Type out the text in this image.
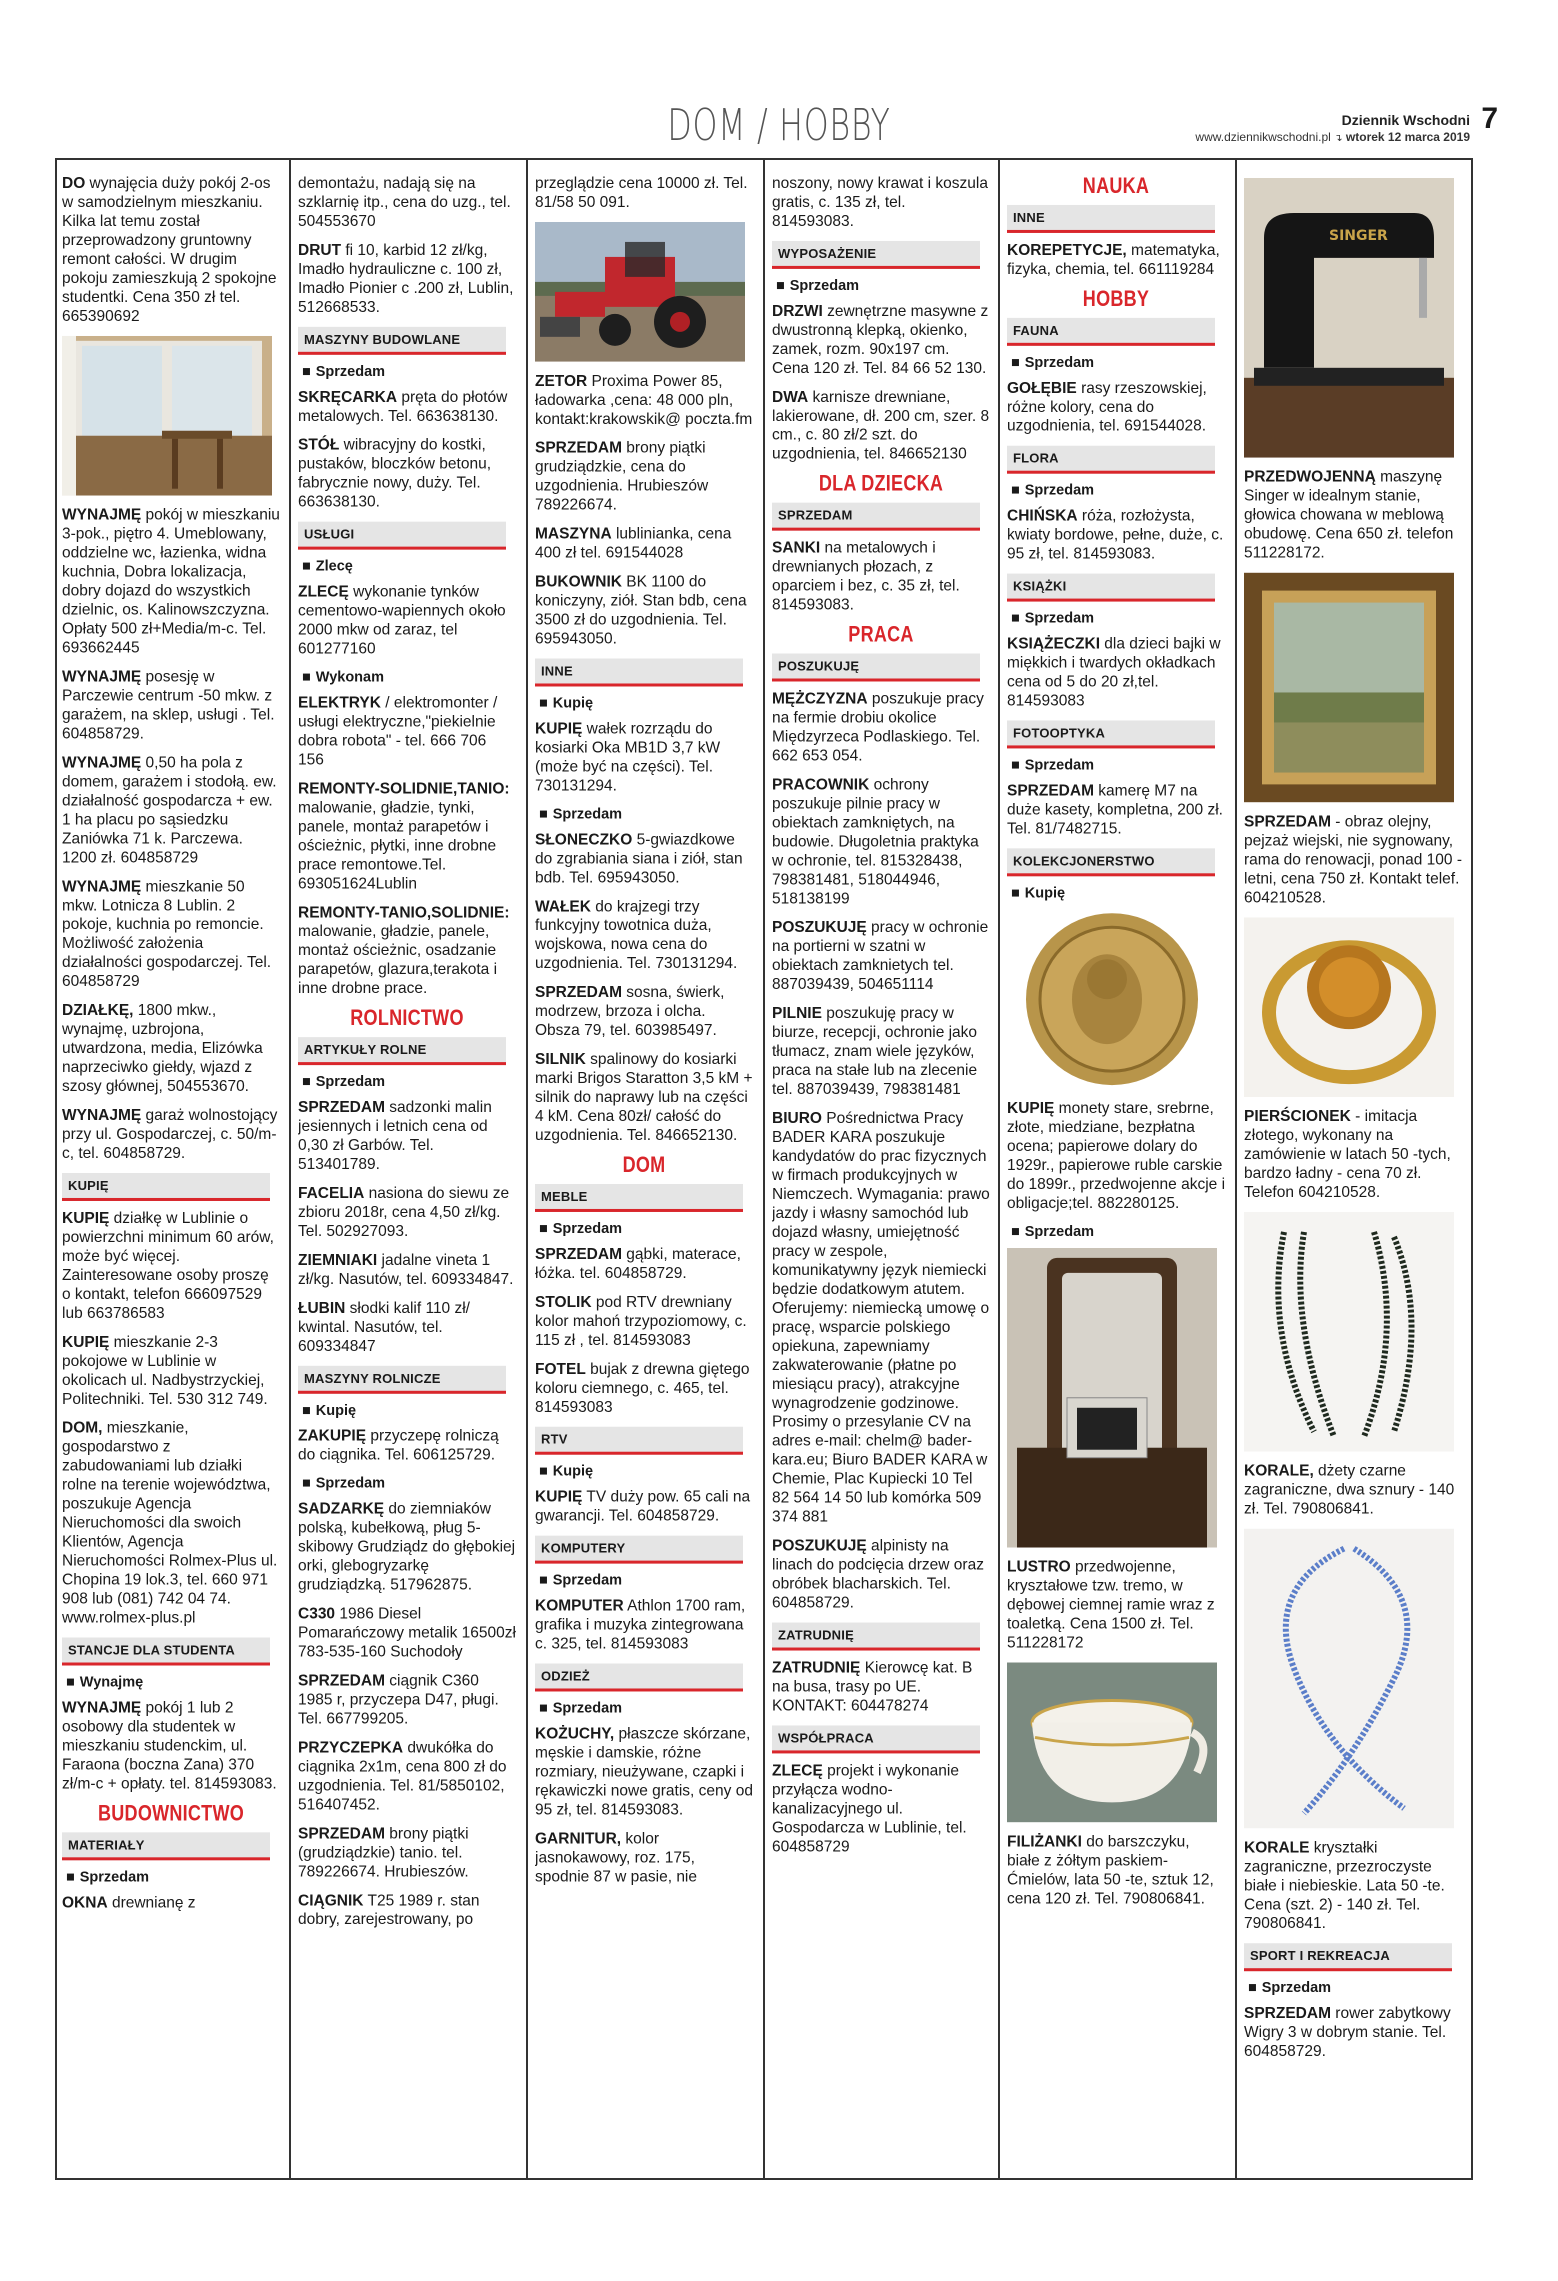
DOM / HOBBY	Dziennik Wschodni 7
www.dziennikwschodni.pl ↴ wtorek 12 marca 2019

DO wynajęcia duży pokój 2-os w samodzielnym mieszkaniu. Kilka lat temu został przeprowadzony gruntowny remont całości. W drugim pokoju zamieszkują 2 spokojne studentki. Cena 350 zł tel. 665390692

WYNAJMĘ pokój w mieszkaniu 3-pok., piętro 4. Umeblowany, oddzielne wc, łazienka, widna kuchnia, Dobra lokalizacja, dobry dojazd do wszystkich dzielnic, os. Kalinowszczyzna. Opłaty 500 zł+Media/m-c. Tel. 693662445

WYNAJMĘ posesję w Parczewie centrum -50 mkw. z garażem, na sklep, usługi . Tel. 604858729.

WYNAJMĘ 0,50 ha pola z domem, garażem i stodołą. ew. działalność gospodarcza + ew. 1 ha placu po sąsiedzku Zaniówka 71 k. Parczewa. 1200 zł. 604858729

WYNAJMĘ mieszkanie 50 mkw. Lotnicza 8 Lublin. 2 pokoje, kuchnia po remoncie. Możliwość założenia działalności gospodarczej. Tel. 604858729

DZIAŁKĘ, 1800 mkw., wynajmę, uzbrojona, utwardzona, media, Elizówka naprzeciwko giełdy, wjazd z szosy głównej, 504553670.

WYNAJMĘ garaż wolnostojący przy ul. Gospodarczej, c. 50/m-c, tel. 604858729.

KUPIĘ

KUPIĘ działkę w Lublinie o powierzchni minimum 60 arów, może być więcej. Zainteresowane osoby proszę o kontakt, telefon 666097529 lub 663786583

KUPIĘ mieszkanie 2-3 pokojowe w Lublinie w okolicach ul. Nadbystrzyckiej, Politechniki. Tel. 530 312 749.

DOM, mieszkanie, gospodarstwo z zabudowaniami lub działki rolne na terenie województwa, poszukuje Agencja Nieruchomości dla swoich Klientów, Agencja Nieruchomości Rolmex-Plus ul. Chopina 19 lok.3, tel. 660 971 908 lub (081) 742 04 74. www.rolmex-plus.pl

STANCJE DLA STUDENTA
■ Wynajmę

WYNAJMĘ pokój 1 lub 2 osobowy dla studentek w mieszkaniu studenckim, ul. Faraona (boczna Zana) 370 zł/m-c + opłaty. tel. 814593083.

BUDOWNICTWO
MATERIAŁY
■ Sprzedam

OKNA drewnianę z

demontażu, nadają się na szklarnię itp., cena do uzg., tel. 504553670

DRUT fi 10, karbid 12 zł/kg, Imadło hydrauliczne c. 100 zł, Imadło Pionier c .200 zł, Lublin, 512668533.

MASZYNY BUDOWLANE
■ Sprzedam

SKRĘCARKA pręta do płotów metalowych. Tel. 663638130.

STÓŁ wibracyjny do kostki, pustaków, bloczków betonu, fabrycznie nowy, duży. Tel. 663638130.

USŁUGI
■ Zlecę

ZLECĘ wykonanie tynków cementowo-wapiennych około 2000 mkw od zaraz, tel 601277160

■ Wykonam

ELEKTRYK / elektromonter / usługi elektryczne,"piekielnie dobra robota" - tel. 666 706 156

REMONTY-SOLIDNIE,TANIO: malowanie, gładzie, tynki, panele, montaż parapetów i ościeżnic, płytki, inne drobne prace remontowe.Tel. 693051624Lublin

REMONTY-TANIO,SOLIDNIE: malowanie, gładzie, panele, montaż ościeżnic, osadzanie parapetów, glazura,terakota i inne drobne prace.

ROLNICTWO
ARTYKUŁY ROLNE
■ Sprzedam

SPRZEDAM sadzonki malin jesiennych i letnich cena od 0,30 zł Garbów. Tel. 513401789.

FACELIA nasiona do siewu ze zbioru 2018r, cena 4,50 zł/kg. Tel. 502927093.

ZIEMNIAKI jadalne vineta 1 zł/kg. Nasutów, tel. 609334847.

ŁUBIN słodki kalif 110 zł/ kwintal. Nasutów, tel. 609334847

MASZYNY ROLNICZE
■ Kupię

ZAKUPIĘ przyczepę rolniczą do ciągnika. Tel. 606125729.

■ Sprzedam

SADZARKĘ do ziemniaków polską, kubełkową, pług 5-skibowy Grudziądz do głębokiej orki, glebogryzarkę grudziądzką. 517962875.

C330 1986 Diesel Pomarańczowy metalik 16500zł 783-535-160 Suchodoły

SPRZEDAM ciągnik C360 1985 r, przyczepa D47, pługi. Tel. 667799205.

PRZYCZEPKA dwukółka do ciągnika 2x1m, cena 800 zł do uzgodnienia. Tel. 81/5850102, 516407452.

SPRZEDAM brony piątki (grudziądzkie) tanio. tel. 789226674. Hrubieszów.

CIĄGNIK T25 1989 r. stan dobry, zarejestrowany, po

przeglądzie cena 10000 zł. Tel. 81/58 50 091.

ZETOR Proxima Power 85, ładowarka ,cena: 48 000 pln, kontakt:krakowskik@ poczta.fm

SPRZEDAM brony piątki grudziądzkie, cena do uzgodnienia. Hrubieszów 789226674.

MASZYNA lublinianka, cena 400 zł tel. 691544028

BUKOWNIK BK 1100 do koniczyny, ziół. Stan bdb, cena 3500 zł do uzgodnienia. Tel. 695943050.

INNE
■ Kupię

KUPIĘ wałek rozrządu do kosiarki Oka MB1D 3,7 kW (może być na części). Tel. 730131294.

■ Sprzedam

SŁONECZKO 5-gwiazdkowe do zgrabiania siana i ziół, stan bdb. Tel. 695943050.

WAŁEK do krajzegi trzy funkcyjny towotnica duża, wojskowa, nowa cena do uzgodnienia. Tel. 730131294.

SPRZEDAM sosna, świerk, modrzew, brzoza i olcha. Obsza 79, tel. 603985497.

SILNIK spalinowy do kosiarki marki Brigos Staratton 3,5 kM + silnik do naprawy lub na części 4 kM. Cena 80zł/ całość do uzgodnienia. Tel. 846652130.

DOM
MEBLE
■ Sprzedam

SPRZEDAM gąbki, materace, łóżka. tel. 604858729.

STOLIK pod RTV drewniany kolor mahoń trzypoziomowy, c. 115 zł , tel. 814593083

FOTEL bujak z drewna giętego koloru ciemnego, c. 465, tel. 814593083

RTV
■ Kupię

KUPIĘ TV duży pow. 65 cali na gwarancji. Tel. 604858729.

KOMPUTERY
■ Sprzedam

KOMPUTER Athlon 1700 ram, grafika i muzyka zintegrowana c. 325, tel. 814593083

ODZIEŻ
■ Sprzedam

KOŻUCHY, płaszcze skórzane, męskie i damskie, różne rozmiary, nieużywane, czapki i rękawiczki nowe gratis, ceny od 95 zł, tel. 814593083.

GARNITUR, kolor jasnokawowy, roz. 175, spodnie 87 w pasie, nie

noszony, nowy krawat i koszula gratis, c. 135 zł, tel. 814593083.

WYPOSAŻENIE
■ Sprzedam

DRZWI zewnętrzne masywne z dwustronną klepką, okienko, zamek, rozm. 90x197 cm. Cena 120 zł. Tel. 84 66 52 130.

DWA karnisze drewniane, lakierowane, dł. 200 cm, szer. 8 cm., c. 80 zł/2 szt. do uzgodnienia, tel. 846652130

DLA DZIECKA
SPRZEDAM

SANKI na metalowych i drewnianych płozach, z oparciem i bez, c. 35 zł, tel. 814593083.

PRACA
POSZUKUJĘ

MĘŻCZYZNA poszukuje pracy na fermie drobiu okolice Międzyrzeca Podlaskiego. Tel. 662 653 054.

PRACOWNIK ochrony poszukuje pilnie pracy w obiektach zamkniętych, na budowie. Długoletnia praktyka w ochronie, tel. 815328438, 798381481, 518044946, 518138199

POSZUKUJĘ pracy w ochronie na portierni w szatni w obiektach zamknietych tel. 887039439, 504651114

PILNIE poszukuję pracy w biurze, recepcji, ochronie jako tłumacz, znam wiele języków, praca na stałe lub na zlecenie tel. 887039439, 798381481

BIURO Pośrednictwa Pracy BADER KARA poszukuje kandydatów do prac fizycznych w firmach produkcyjnych w Niemczech. Wymagania: prawo jazdy i własny samochód lub dojazd własny, umiejętność pracy w zespole, komunikatywny język niemiecki będzie dodatkowym atutem. Oferujemy: niemiecką umowę o pracę, wsparcie polskiego opiekuna, zapewniamy zakwaterowanie (płatne po miesiącu pracy), atrakcyjne wynagrodzenie godzinowe. Prosimy o przesylanie CV na adres e-mail: chelm@ bader-kara.eu; Biuro BADER KARA w Chemie, Plac Kupiecki 10 Tel 82 564 14 50 lub komórka 509 374 881

POSZUKUJĘ alpinisty na linach do podcięcia drzew oraz obróbek blacharskich. Tel. 604858729.

ZATRUDNIĘ

ZATRUDNIĘ Kierowcę kat. B na busa, trasy po UE. KONTAKT: 604478274

WSPÓŁPRACA

ZLECĘ projekt i wykonanie przyłącza wodno-kanalizacyjnego ul. Gospodarcza w Lublinie, tel. 604858729

NAUKA
INNE

KOREPETYCJE, matematyka, fizyka, chemia, tel. 661119284

HOBBY
FAUNA
■ Sprzedam

GOŁĘBIE rasy rzeszowskiej, różne kolory, cena do uzgodnienia, tel. 691544028.

FLORA
■ Sprzedam

CHIŃSKA róża, rozłożysta, kwiaty bordowe, pełne, duże, c. 95 zł, tel. 814593083.

KSIĄŻKI
■ Sprzedam

KSIĄŻECZKI dla dzieci bajki w miękkich i twardych okładkach cena od 5 do 20 zł,tel. 814593083

FOTOOPTYKA
■ Sprzedam

SPRZEDAM kamerę M7 na duże kasety, kompletna, 200 zł. Tel. 81/7482715.

KOLEKCJONERSTWO
■ Kupię

KUPIĘ monety stare, srebrne, złote, miedziane, bezpłatna ocena; papierowe dolary do 1929r., papierowe ruble carskie do 1899r., przedwojenne akcje i obligacje;tel. 882280125.

■ Sprzedam

LUSTRO przedwojenne, kryształowe tzw. tremo, w dębowej ciemnej ramie wraz z toaletką. Cena 1500 zł. Tel. 511228172

FILIŻANKI do barszczyku, białe z żółtym paskiem- Ćmielów, lata 50 -te, sztuk 12, cena 120 zł. Tel. 790806841.

SINGER

PRZEDWOJENNĄ maszynę Singer w idealnym stanie, głowica chowana w meblową obudowę. Cena 650 zł. telefon 511228172.

SPRZEDAM - obraz olejny, pejzaż wiejski, nie sygnowany, rama do renowacji, ponad 100 - letni, cena 750 zł. Kontakt telef. 604210528.

PIERŚCIONEK - imitacja złotego, wykonany na zamówienie w latach 50 -tych, bardzo ładny - cena 70 zł. Telefon 604210528.

KORALE, dżety czarne zagraniczne, dwa sznury - 140 zł. Tel. 790806841.

KORALE kryształki zagraniczne, przezroczyste białe i niebieskie. Lata 50 -te. Cena (szt. 2) - 140 zł. Tel. 790806841.

SPORT I REKREACJA
■ Sprzedam

SPRZEDAM rower zabytkowy Wigry 3 w dobrym stanie. Tel. 604858729.
